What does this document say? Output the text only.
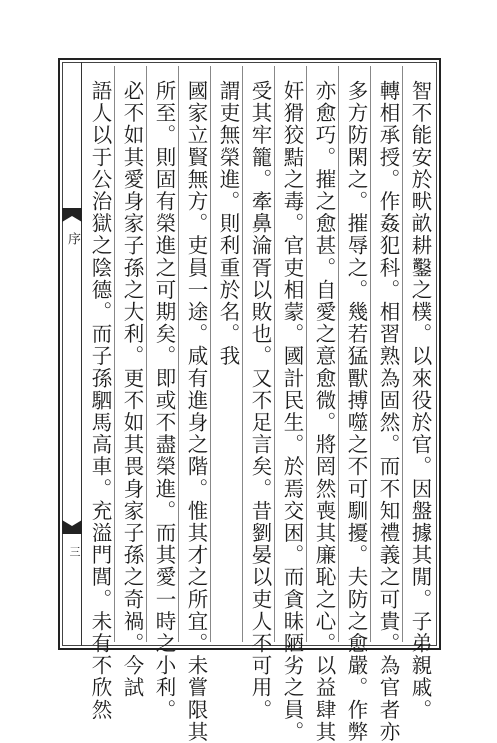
序
三	智不能安於畎畝耕鑿之樸。以來役於官。因盤據其閒。子弟親戚。
轉相承授。作姦犯科。相習熟為固然。而不知禮義之可貴。為官者亦
多方防閑之。摧辱之。幾若猛獸搏噬之不可馴擾。夫防之愈嚴。作弊
亦愈巧。摧之愈甚。自愛之意愈微。將罔然喪其廉恥之心。以益肆其
奸猾狡黠之毒。官吏相蒙。國計民生。於焉交困。而貪昧陋劣之員。
受其牢籠。牽鼻淪胥以敗也。又不足言矣。昔劉晏以吏人不可用。
謂吏無榮進。則利重於名。我
國家立賢無方。吏員一途。咸有進身之階。惟其才之所宜。未嘗限其
所至。則固有榮進之可期矣。即或不盡榮進。而其愛一時之小利。
必不如其愛身家子孫之大利。更不如其畏身家子孫之奇禍。今試
語人以于公治獄之陰德。而子孫駟馬高車。充溢門閭。未有不欣然
